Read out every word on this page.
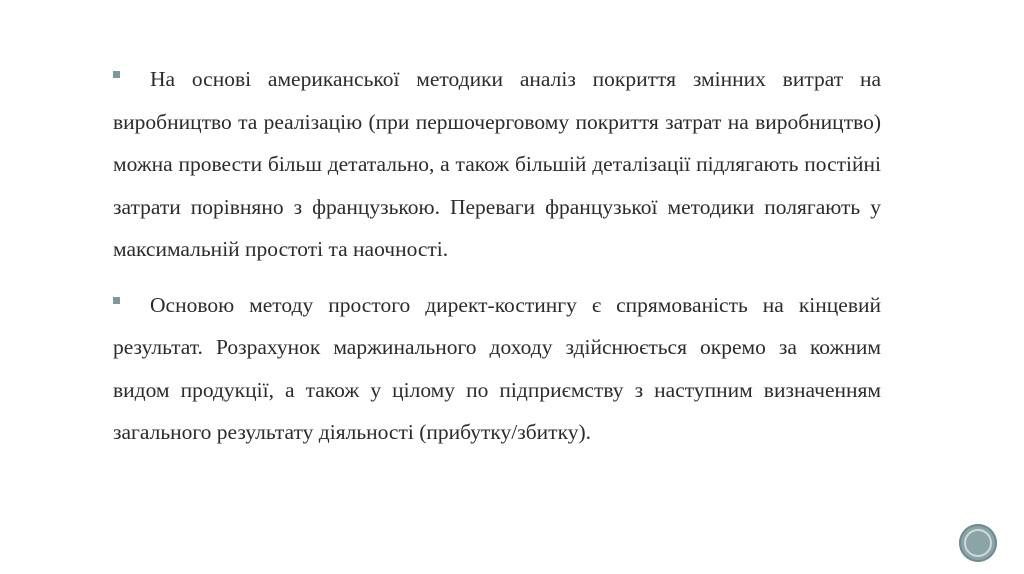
На основі американської методики аналіз покриття змінних витрат на виробництво та реалізацію (при першочерговому покриття затрат на виробництво) можна провести більш детатально, а також більшій деталізації підлягають постійні затрати порівняно з французькою. Переваги французької методики полягають у максимальній простоті та наочності.

Основою методу простого директ-костингу є спрямованість на кінцевий результат. Розрахунок маржинального доходу здійснюється окремо за кожним видом продукції, а також у цілому по підприємству з наступним визначенням загального результату діяльності (прибутку/збитку).
